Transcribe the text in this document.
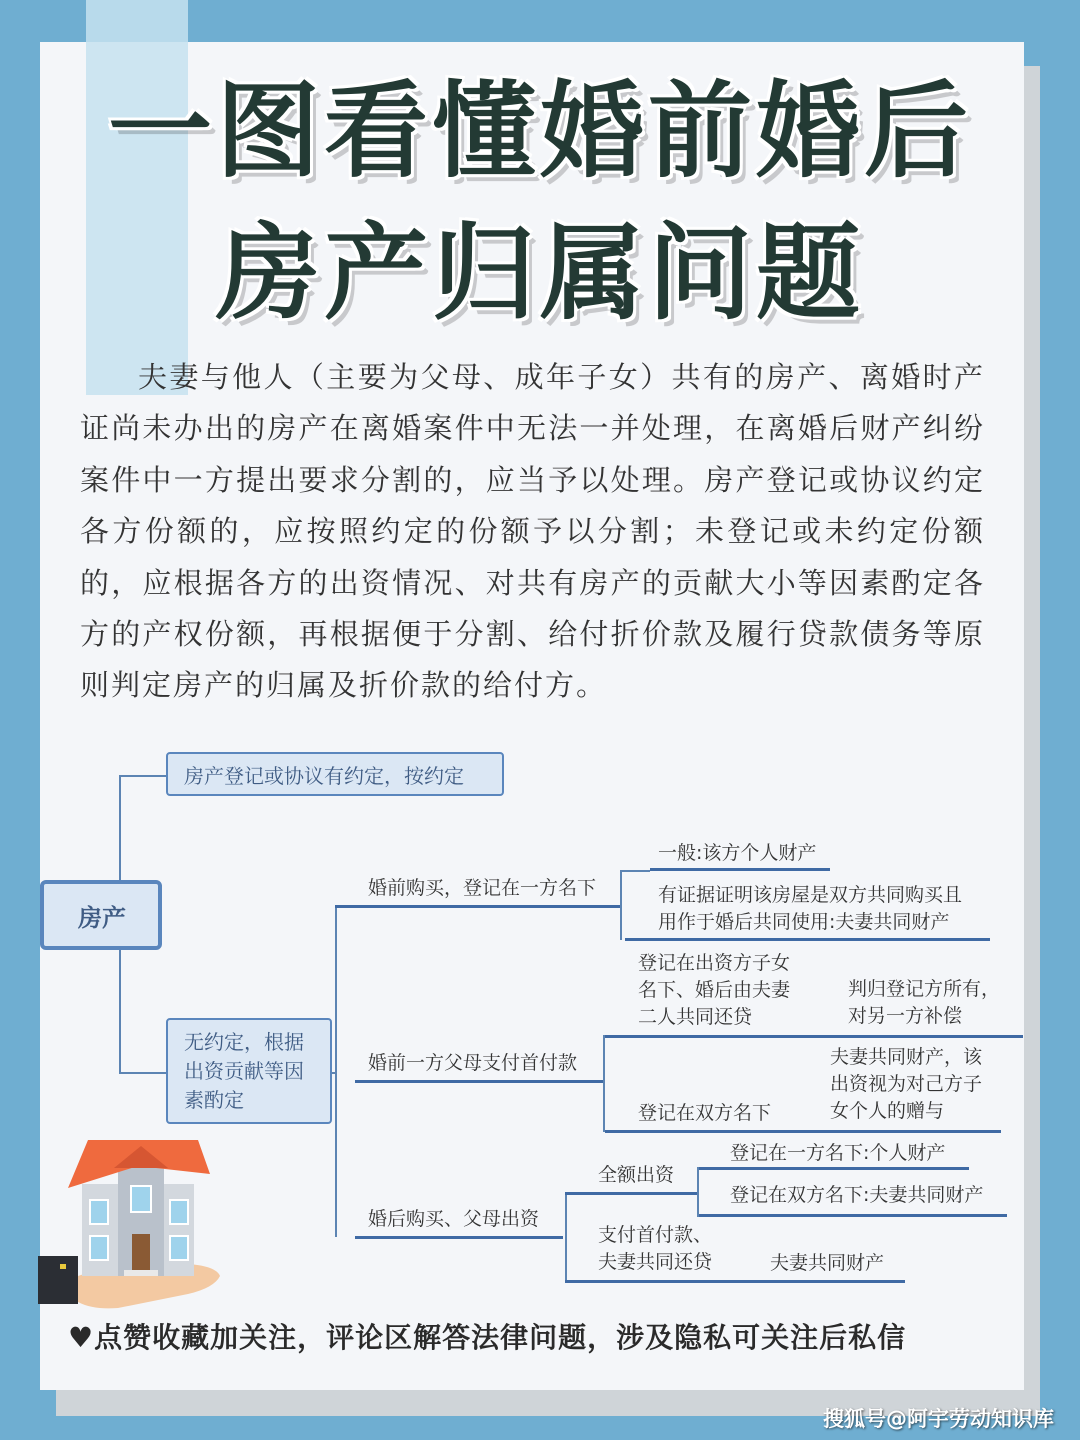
一图看懂婚前婚后
房产归属问题
夫妻与他人（主要为父母、成年子女）共有的房产、离婚时产证尚未办出的房产在离婚案件中无法一并处理，在离婚后财产纠纷案件中一方提出要求分割的，应当予以处理。房产登记或协议约定各方份额的，应按照约定的份额予以分割；未登记或未约定份额的，应根据各方的出资情况、对共有房产的贡献大小等因素酌定各方的产权份额，再根据便于分割、给付折价款及履行贷款债务等原则判定房产的归属及折价款的给付方。
房产登记或协议有约定，按约定
房产
无约定，根据出资贡献等因素酌定
婚前购买，登记在一方名下
一般:该方个人财产
有证据证明该房屋是双方共同购买且用作于婚后共同使用:夫妻共同财产
婚前一方父母支付首付款
登记在出资方子女名下、婚后由夫妻二人共同还贷
判归登记方所有，对另一方补偿
登记在双方名下
夫妻共同财产，该出资视为对己方子女个人的赠与
婚后购买、父母出资
全额出资
登记在一方名下:个人财产
登记在双方名下:夫妻共同财产
支付首付款、夫妻共同还贷	夫妻共同财产
♥点赞收藏加关注，评论区解答法律问题，涉及隐私可关注后私信
搜狐号@阿宇劳动知识库
